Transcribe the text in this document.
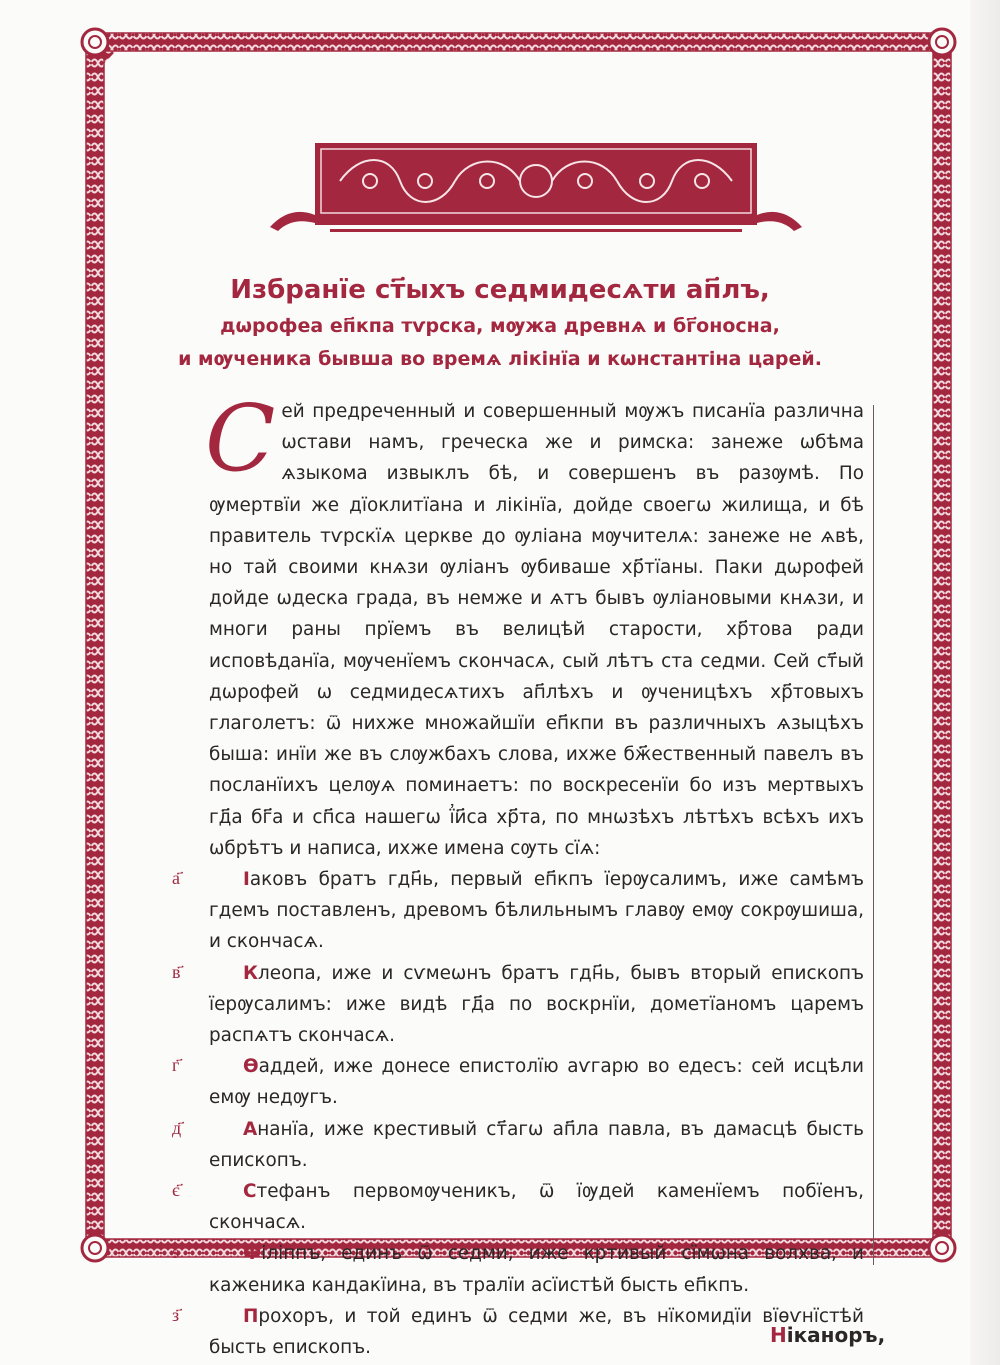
Избранїе ст҃ыхъ седмидесѧти ап҃лъ,
дѡрофеа еп҃кпа тѵрска, мѹжа древнѧ и бг҃оносна,
и мѹченика бывша во времѧ лікінїа и кѡнстантіна царей.
С ей предреченный и совершенный мѹжъ писанїа различна ѡстави намъ, греческа же и римска: занеже ѡбѣма ѧзыкома извыклъ бѣ, и совершенъ въ разѹмѣ. По ѹмертвїи же дїоклитїана и лікінїа, дойде своегѡ жилища, и бѣ правитель тѵрскїѧ церкве до ѹліана мѹчителѧ: занеже не ѧвѣ, но тай своими кнѧзи ѹліанъ ѹбиваше хр҃тїаны. Паки дѡрофей дойде ѡдеска града, въ немже и ѧтъ бывъ ѹліановыми кнѧзи, и многи раны прїемъ въ велицѣй старости, хр҃това ради исповѣданїа, мѹченїемъ скончасѧ, сый лѣтъ ста седми. Сей ст҃ый дѡрофей ѡ седмидесѧтихъ ап҃лѣхъ и ѹченицѣхъ хр҃товыхъ глаголетъ: ѿ нихже множайшїи еп҃кпи въ различныхъ ѧзыцѣхъ быша: инїи же въ слѹжбахъ слова, ихже бж҃ественный павелъ въ посланїихъ целѹѧ поминаетъ: по воскресенїи бо изъ мертвыхъ гд҃а бг҃а и сп҃са нашегѡ ї҆и҃са хр҃та, по мнѡзѣхъ лѣтѣхъ всѣхъ ихъ ѡбрѣтъ и написа, ихже имена сѹть сїѧ:
Іаковъ братъ гдн҃ь, первый еп҃кпъ їерѹсалимъ, иже самѣмъ гдемъ поставленъ, древомъ бѣлильнымъ главѹ емѹ сокрѹшиша, и скончасѧ.
Клеопа, иже и сѵмеѡнъ братъ гдн҃ь, бывъ вторый епископъ їерѹсалимъ: иже видѣ гд҃а по воскрнїи, дометїаномъ царемъ распѧтъ скончасѧ.
Ѳаддей, иже донесе епистолїю аѵгарю во едесъ: сей исцѣли емѹ недѹгъ.
Ананїа, иже крестивый ст҃агѡ ап҃ла павла, въ дамасцѣ бысть епископъ.
Стефанъ первомѹченикъ, ѿ їѹдей каменїемъ побїенъ, скончасѧ.
Філіппъ, единъ ѿ седми, иже кртивый сїмѡна волхва, и каженика кандакїина, въ тралїи асїистѣй бысть еп҃кпъ.
Прохоръ, и той единъ ѿ седми же, въ нїкомидїи вїѳѵнїстѣй бысть епископъ.
Ніканоръ,
а҃
в҃
г҃
д҃
є҃
ѕ҃
з҃
